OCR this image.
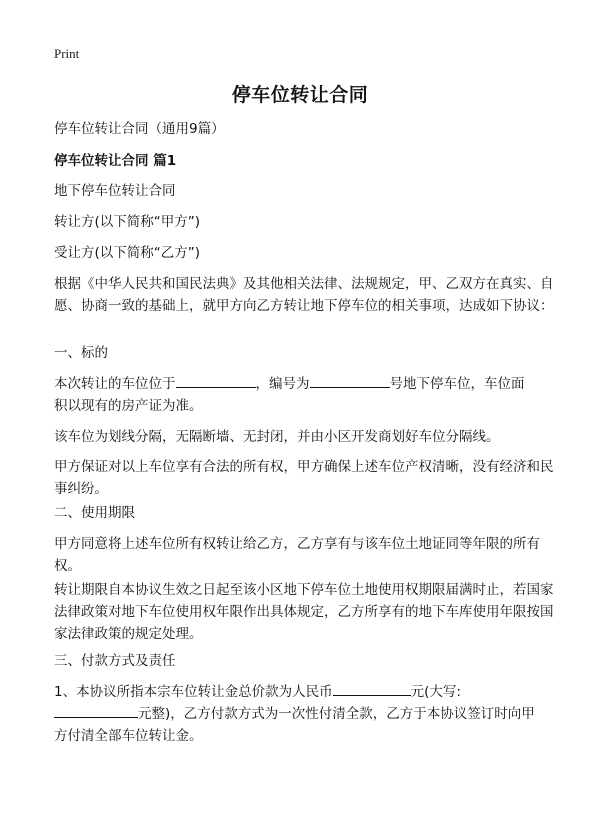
Print
停车位转让合同
停车位转让合同（通用9篇）
停车位转让合同 篇1
地下停车位转让合同
转让方(以下简称“甲方”)
受让方(以下简称“乙方”)
根据《中华人民共和国民法典》及其他相关法律、法规规定，甲、乙双方在真实、自愿、协商一致的基础上，就甲方向乙方转让地下停车位的相关事项，达成如下协议：
一、标的
本次转让的车位位于	，编号为	号地下停车位，车位面
积以现有的房产证为准。
该车位为划线分隔，无隔断墙、无封闭，并由小区开发商划好车位分隔线。
甲方保证对以上车位享有合法的所有权，甲方确保上述车位产权清晰，没有经济和民事纠纷。
二、使用期限
甲方同意将上述车位所有权转让给乙方，乙方享有与该车位土地证同等年限的所有权。
转让期限自本协议生效之日起至该小区地下停车位土地使用权期限届满时止，若国家法律政策对地下车位使用权年限作出具体规定，乙方所享有的地下车库使用年限按国家法律政策的规定处理。
三、付款方式及责任
1、本协议所指本宗车位转让金总价款为人民币	元(大写:
元整)，乙方付款方式为一次性付清全款，乙方于本协议签订时向甲
方付清全部车位转让金。
